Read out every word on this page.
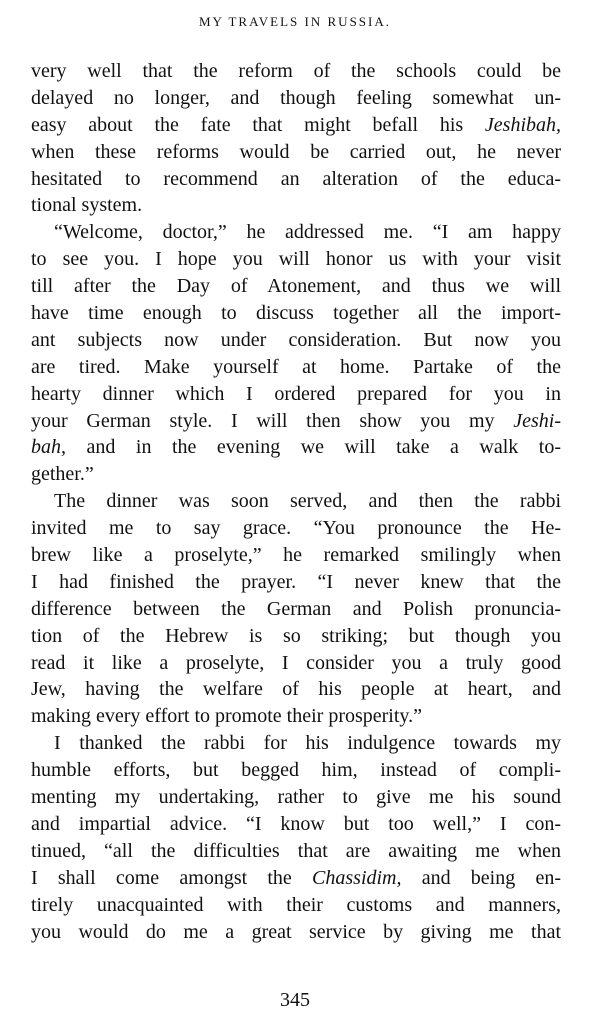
MY TRAVELS IN RUSSIA.
very well that the reform of the schools could be
delayed no longer, and though feeling somewhat un-
easy about the fate that might befall his Jeshibah,
when these reforms would be carried out, he never
hesitated to recommend an alteration of the educa-
tional system.
“Welcome, doctor,” he addressed me. “I am happy
to see you. I hope you will honor us with your visit
till after the Day of Atonement, and thus we will
have time enough to discuss together all the import-
ant subjects now under consideration. But now you
are tired. Make yourself at home. Partake of the
hearty dinner which I ordered prepared for you in
your German style. I will then show you my Jeshi-
bah, and in the evening we will take a walk to-
gether.”
The dinner was soon served, and then the rabbi
invited me to say grace. “You pronounce the He-
brew like a proselyte,” he remarked smilingly when
I had finished the prayer. “I never knew that the
difference between the German and Polish pronuncia-
tion of the Hebrew is so striking; but though you
read it like a proselyte, I consider you a truly good
Jew, having the welfare of his people at heart, and
making every effort to promote their prosperity.”
I thanked the rabbi for his indulgence towards my
humble efforts, but begged him, instead of compli-
menting my undertaking, rather to give me his sound
and impartial advice. “I know but too well,” I con-
tinued, “all the difficulties that are awaiting me when
I shall come amongst the Chassidim, and being en-
tirely unacquainted with their customs and manners,
you would do me a great service by giving me that
345
